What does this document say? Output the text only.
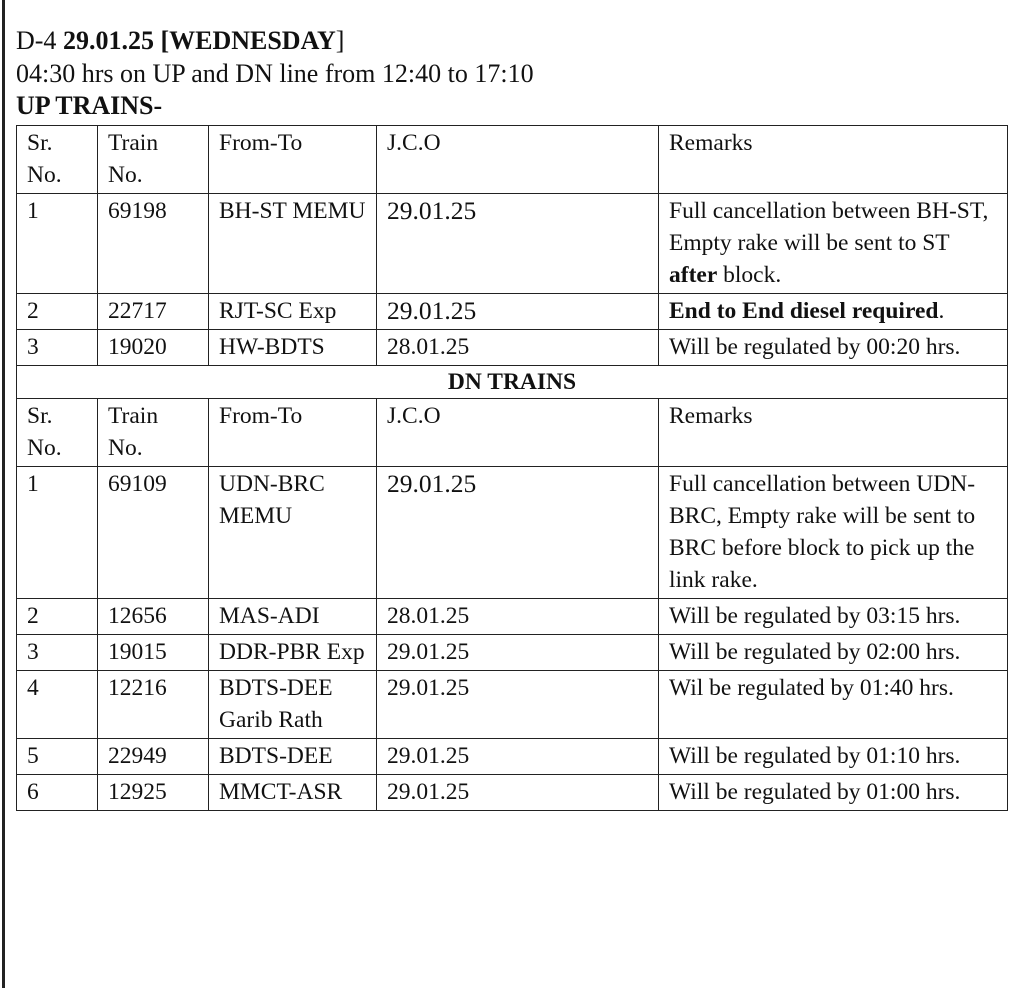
D-4 29.01.25 [WEDNESDAY]
04:30 hrs on UP and DN line from 12:40 to 17:10
UP TRAINS-
Sr. No.	Train No.	From-To	J.C.O	Remarks
1	69198	BH-ST MEMU	29.01.25	Full cancellation between BH-ST, Empty rake will be sent to ST after block.
2	22717	RJT-SC Exp	29.01.25	End to End diesel required.
3	19020	HW-BDTS	28.01.25	Will be regulated by 00:20 hrs.
DN TRAINS				
Sr. No.	Train No.	From-To	J.C.O	Remarks
1	69109	UDN-BRC MEMU	29.01.25	Full cancellation between UDN-BRC, Empty rake will be sent to BRC before block to pick up the link rake.
2	12656	MAS-ADI	28.01.25	Will be regulated by 03:15 hrs.
3	19015	DDR-PBR Exp	29.01.25	Will be regulated by 02:00 hrs.
4	12216	BDTS-DEE Garib Rath	29.01.25	Wil be regulated by 01:40 hrs.
5	22949	BDTS-DEE	29.01.25	Will be regulated by 01:10 hrs.
6	12925	MMCT-ASR	29.01.25	Will be regulated by 01:00 hrs.
